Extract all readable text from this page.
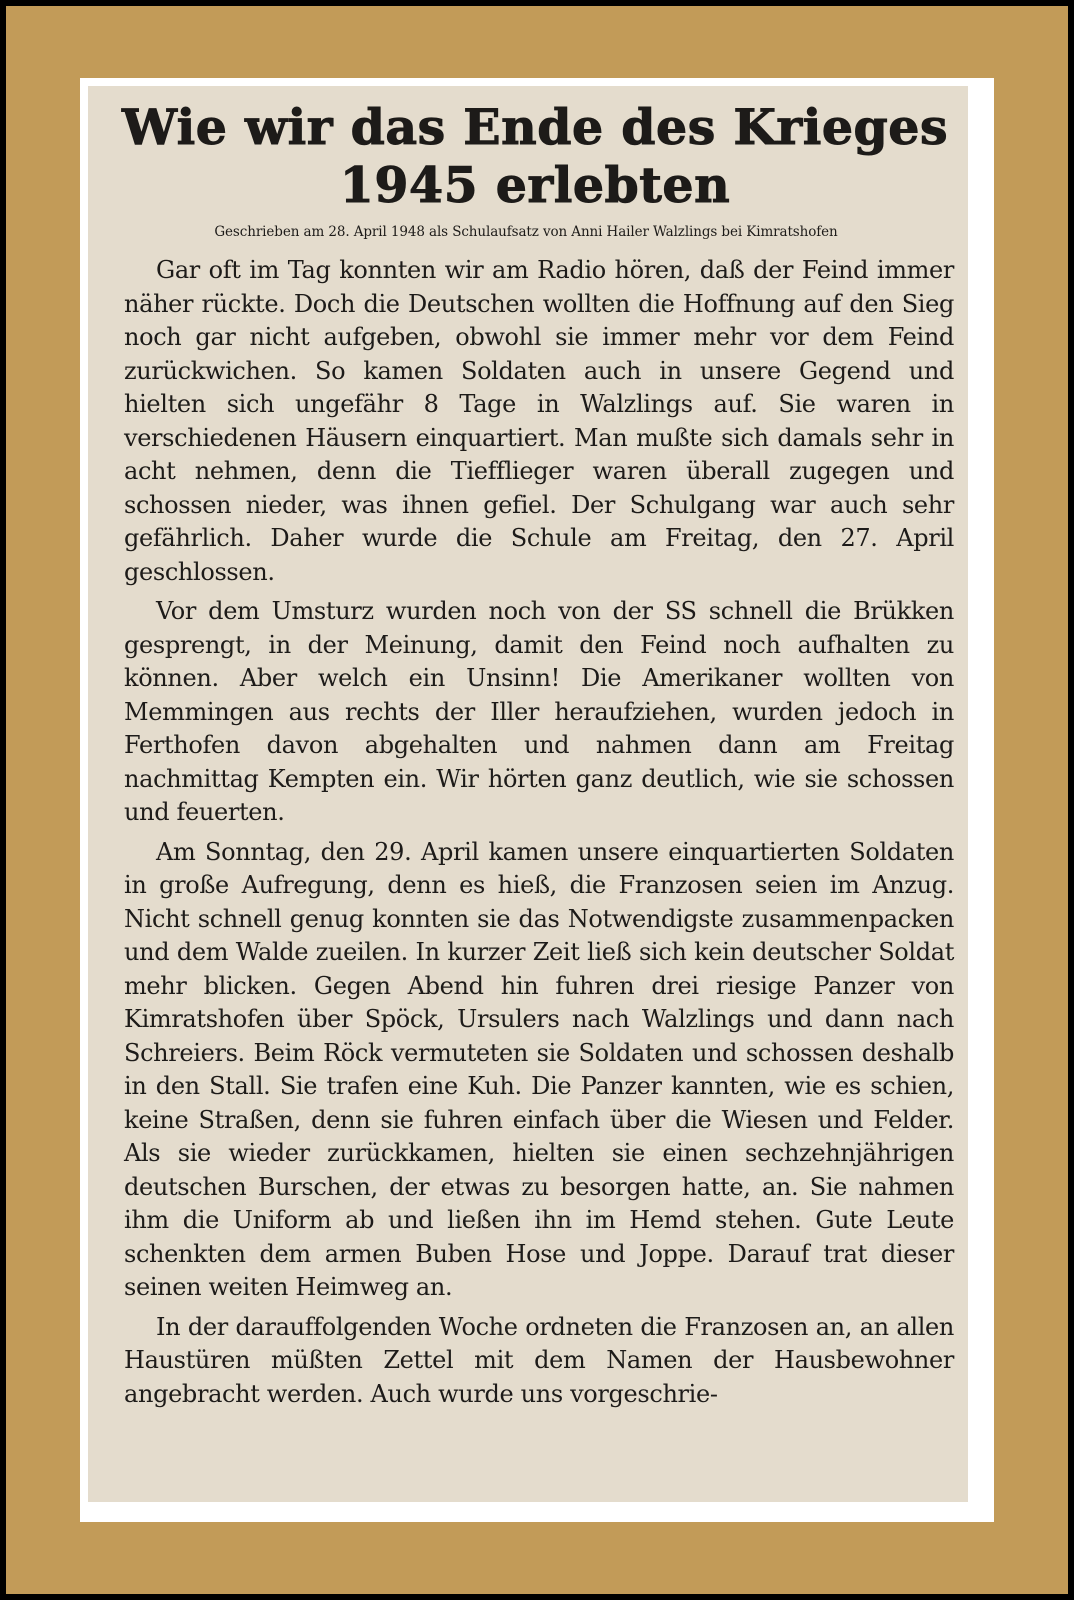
Wie wir das Ende des Krieges
1945 erlebten
Geschrieben am 28. April 1948 als Schulaufsatz von Anni Hailer Walzlings bei Kimratshofen

Gar oft im Tag konnten wir am Radio hören, daß der Feind immer näher rückte. Doch die Deutschen wollten die Hoffnung auf den Sieg noch gar nicht aufgeben, obwohl sie immer mehr vor dem Feind zurückwichen. So kamen Soldaten auch in unsere Gegend und hielten sich ungefähr 8 Tage in Walzlings auf. Sie waren in verschiedenen Häusern einquartiert. Man mußte sich damals sehr in acht nehmen, denn die Tiefflieger waren überall zugegen und schossen nieder, was ihnen gefiel. Der Schulgang war auch sehr gefährlich. Daher wurde die Schule am Freitag, den 27. April geschlossen.

Vor dem Umsturz wurden noch von der SS schnell die Brükken gesprengt, in der Meinung, damit den Feind noch aufhalten zu können. Aber welch ein Unsinn! Die Amerikaner wollten von Memmingen aus rechts der Iller heraufziehen, wurden jedoch in Ferthofen davon abgehalten und nahmen dann am Freitag nachmittag Kempten ein. Wir hörten ganz deutlich, wie sie schossen und feuerten.

Am Sonntag, den 29. April kamen unsere einquartierten Soldaten in große Aufregung, denn es hieß, die Franzosen seien im Anzug. Nicht schnell genug konnten sie das Notwendigste zusammenpacken und dem Walde zueilen. In kurzer Zeit ließ sich kein deutscher Soldat mehr blicken. Gegen Abend hin fuhren drei riesige Panzer von Kimratshofen über Spöck, Ursulers nach Walzlings und dann nach Schreiers. Beim Röck vermuteten sie Soldaten und schossen deshalb in den Stall. Sie trafen eine Kuh. Die Panzer kannten, wie es schien, keine Straßen, denn sie fuhren einfach über die Wiesen und Felder. Als sie wieder zurückkamen, hielten sie einen sechzehnjährigen deutschen Burschen, der etwas zu besorgen hatte, an. Sie nahmen ihm die Uniform ab und ließen ihn im Hemd stehen. Gute Leute schenkten dem armen Buben Hose und Joppe. Darauf trat dieser seinen weiten Heimweg an.

In der darauffolgenden Woche ordneten die Franzosen an, an allen Haustüren müßten Zettel mit dem Namen der Hausbewohner angebracht werden. Auch wurde uns vorgeschrie-
